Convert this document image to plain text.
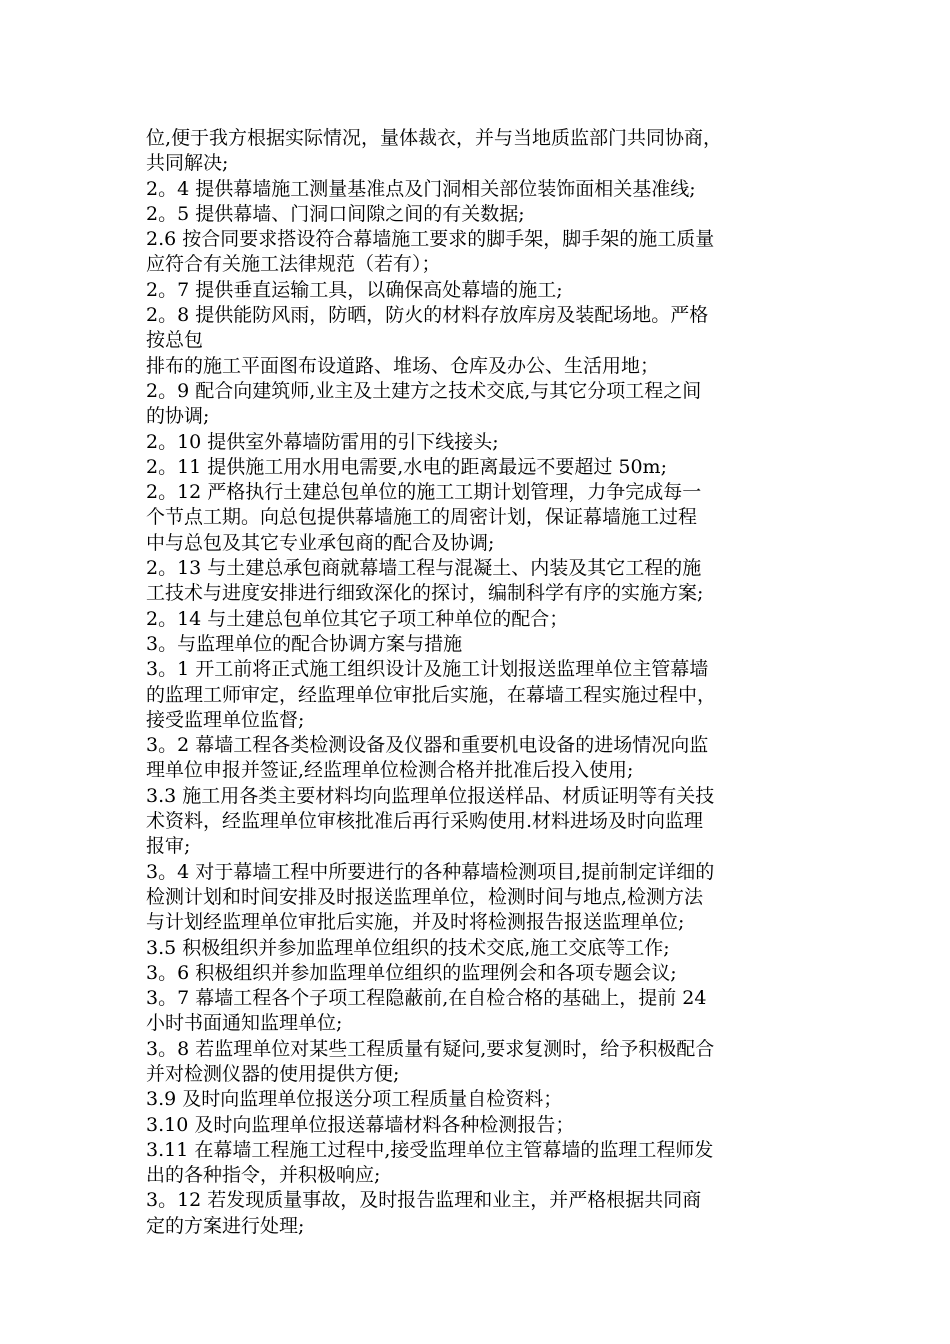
位,便于我方根据实际情况，量体裁衣，并与当地质监部门共同协商，
共同解决;

2。4 提供幕墙施工测量基准点及门洞相关部位装饰面相关基准线;

2。5 提供幕墙、门洞口间隙之间的有关数据;

2.6 按合同要求搭设符合幕墙施工要求的脚手架，脚手架的施工质量
应符合有关施工法律规范（若有）；

2。7 提供垂直运输工具，以确保高处幕墙的施工;

2。8 提供能防风雨，防晒，防火的材料存放库房及装配场地。严格
按总包
排布的施工平面图布设道路、堆场、仓库及办公、生活用地；

2。9 配合向建筑师,业主及土建方之技术交底,与其它分项工程之间
的协调;

2。10 提供室外幕墙防雷用的引下线接头;

2。11 提供施工用水用电需要,水电的距离最远不要超过 50m;

2。12 严格执行土建总包单位的施工工期计划管理，力争完成每一
个节点工期。向总包提供幕墙施工的周密计划，保证幕墙施工过程
中与总包及其它专业承包商的配合及协调;

2。13 与土建总承包商就幕墙工程与混凝土、内装及其它工程的施
工技术与进度安排进行细致深化的探讨，编制科学有序的实施方案;

2。14 与土建总包单位其它子项工种单位的配合；

3。与监理单位的配合协调方案与措施

3。1 开工前将正式施工组织设计及施工计划报送监理单位主管幕墙
的监理工师审定，经监理单位审批后实施，在幕墙工程实施过程中，
接受监理单位监督;

3。2 幕墙工程各类检测设备及仪器和重要机电设备的进场情况向监
理单位申报并签证,经监理单位检测合格并批准后投入使用;

3.3 施工用各类主要材料均向监理单位报送样品、材质证明等有关技
术资料，经监理单位审核批准后再行采购使用.材料进场及时向监理
报审;

3。4 对于幕墙工程中所要进行的各种幕墙检测项目,提前制定详细的
检测计划和时间安排及时报送监理单位，检测时间与地点,检测方法
与计划经监理单位审批后实施，并及时将检测报告报送监理单位;

3.5 积极组织并参加监理单位组织的技术交底,施工交底等工作;

3。6 积极组织并参加监理单位组织的监理例会和各项专题会议;

3。7 幕墙工程各个子项工程隐蔽前,在自检合格的基础上，提前 24
小时书面通知监理单位;

3。8 若监理单位对某些工程质量有疑问,要求复测时，给予积极配合
并对检测仪器的使用提供方便;

3.9 及时向监理单位报送分项工程质量自检资料；

3.10 及时向监理单位报送幕墙材料各种检测报告；

3.11 在幕墙工程施工过程中,接受监理单位主管幕墙的监理工程师发
出的各种指令，并积极响应;

3。12 若发现质量事故，及时报告监理和业主，并严格根据共同商
定的方案进行处理;
